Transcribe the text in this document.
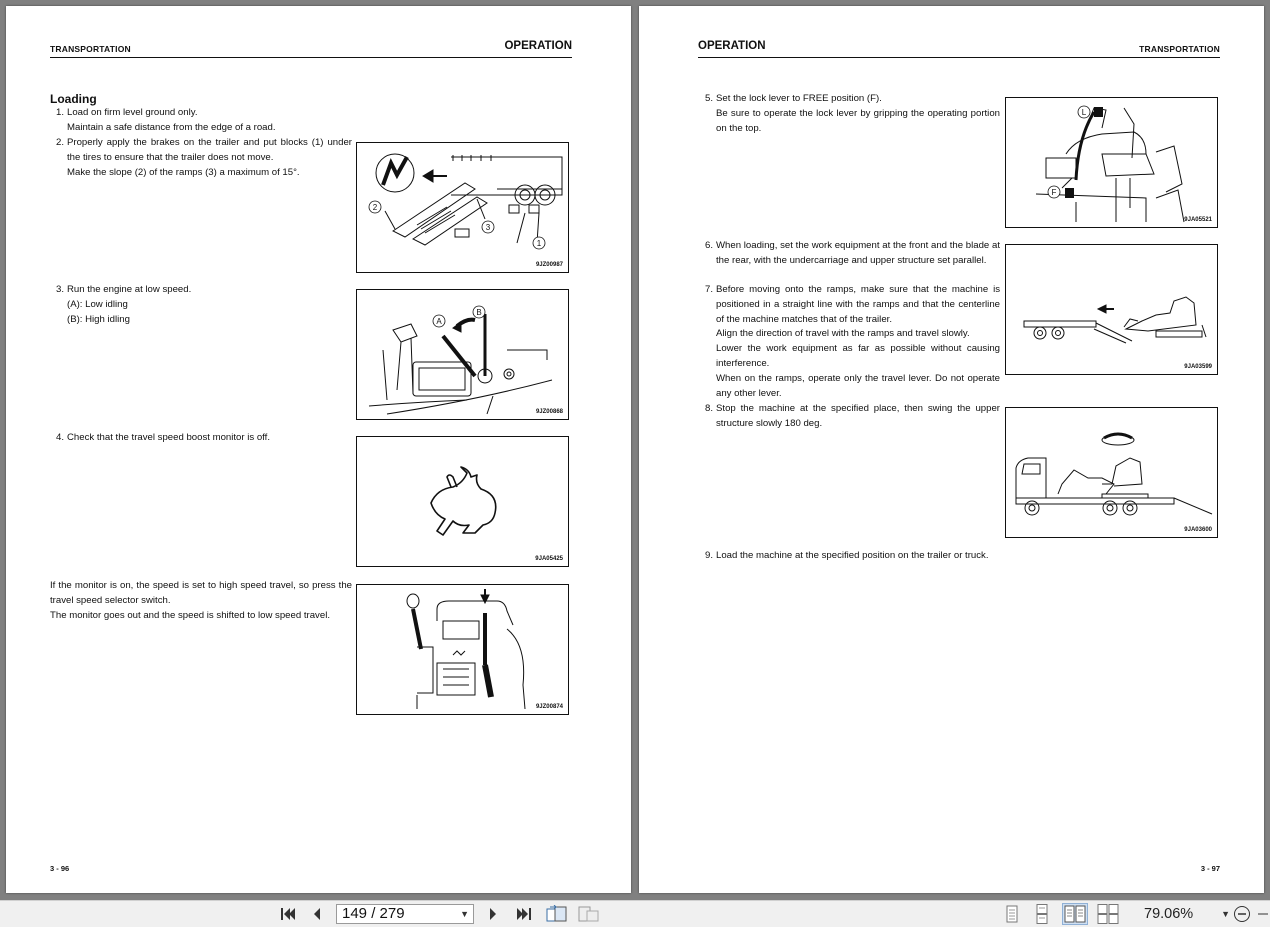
TRANSPORTATION	OPERATION
Loading
1. Load on firm level ground only.
Maintain a safe distance from the edge of a road.
2. Properly apply the brakes on the trailer and put blocks (1) under the tires to ensure that the trailer does not move.
Make the slope (2) of the ramps (3) a maximum of 15°.
3. Run the engine at low speed.
(A): Low idling
(B): High idling
4. Check that the travel speed boost monitor is off.
If the monitor is on, the speed is set to high speed travel, so press the travel speed selector switch.
The monitor goes out and the speed is shifted to low speed travel.
2
3
1
9JZ00987
A
B
9JZ00868
9JA05425
9JZ00874
3 - 96
OPERATION	TRANSPORTATION
5. Set the lock lever to FREE position (F).
Be sure to operate the lock lever by gripping the operating portion on the top.
6. When loading, set the work equipment at the front and the blade at the rear, with the undercarriage and upper structure set parallel.
7. Before moving onto the ramps, make sure that the machine is positioned in a straight line with the ramps and that the centerline of the machine matches that of the trailer.
Align the direction of travel with the ramps and travel slowly.
Lower the work equipment as far as possible without causing interference.
When on the ramps, operate only the travel lever. Do not operate any other lever.
8. Stop the machine at the specified place, then swing the upper structure slowly 180 deg.
9. Load the machine at the specified position on the trailer or truck.
L
F
9JA05521
9JA03599
9JA03600
3 - 97
149 / 279	▼	79.06%	▼
